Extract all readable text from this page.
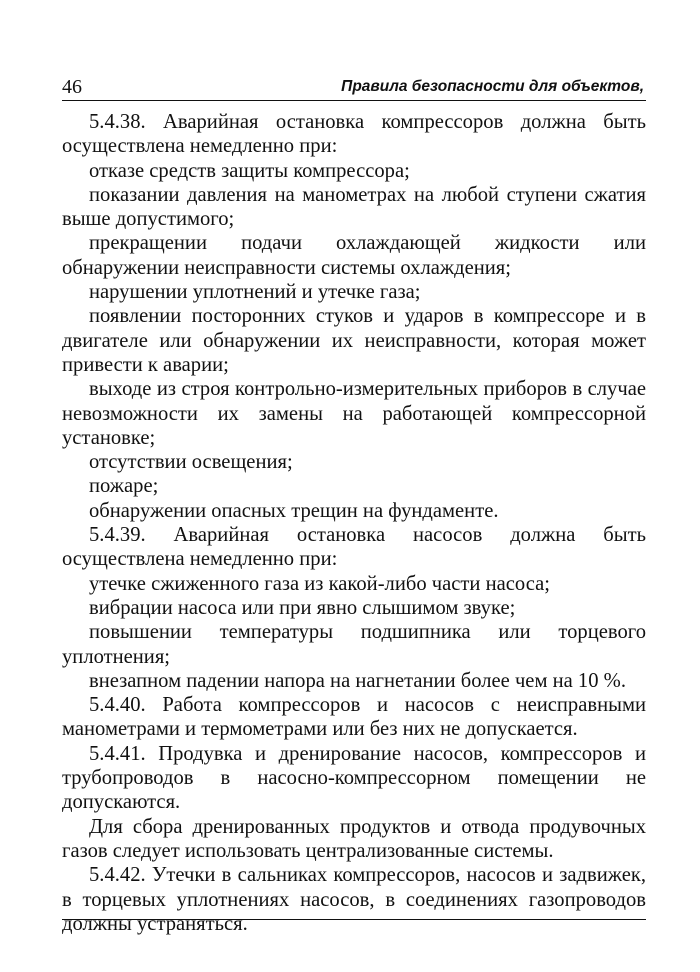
46	Правила безопасности для объектов,

5.4.38. Аварийная остановка компрессоров должна быть осуществлена немедленно при:

отказе средств защиты компрессора;

показании давления на манометрах на любой ступени сжатия выше допустимого;

прекращении подачи охлаждающей жидкости или обнаружении неисправности системы охлаждения;

нарушении уплотнений и утечке газа;

появлении посторонних стуков и ударов в компрессоре и в двигателе или обнаружении их неисправности, которая может привести к аварии;

выходе из строя контрольно-измерительных приборов в случае невозможности их замены на работающей компрессорной установке;

отсутствии освещения;

пожаре;

обнаружении опасных трещин на фундаменте.

5.4.39. Аварийная остановка насосов должна быть осуществлена немедленно при:

утечке сжиженного газа из какой-либо части насоса;

вибрации насоса или при явно слышимом звуке;

повышении температуры подшипника или торцевого уплотнения;

внезапном падении напора на нагнетании более чем на 10 %.

5.4.40. Работа компрессоров и насосов с неисправными манометрами и термометрами или без них не допускается.

5.4.41. Продувка и дренирование насосов, компрессоров и трубопроводов в насосно-компрессорном помещении не допускаются.

Для сбора дренированных продуктов и отвода продувочных газов следует использовать централизованные системы.

5.4.42. Утечки в сальниках компрессоров, насосов и задвижек, в торцевых уплотнениях насосов, в соединениях газопроводов должны устраняться.
